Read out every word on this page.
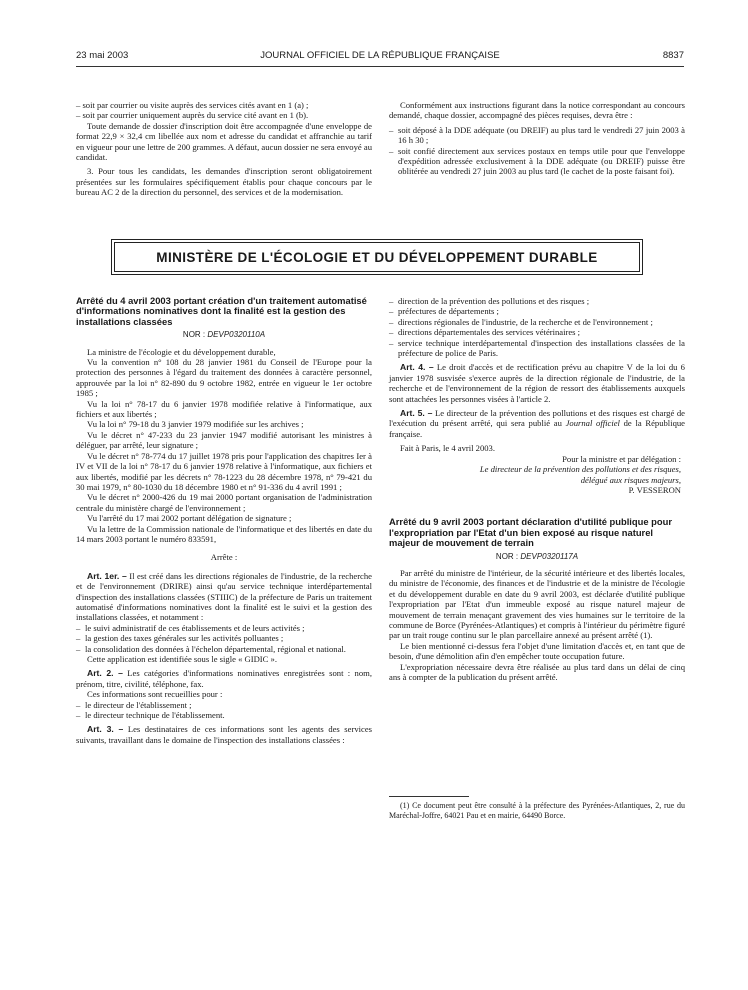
23 mai 2003	JOURNAL OFFICIEL DE LA RÉPUBLIQUE FRANÇAISE	8837

– soit par courrier ou visite auprès des services cités avant en 1 (a) ;

– soit par courrier uniquement auprès du service cité avant en 1 (b).

Toute demande de dossier d'inscription doit être accompagnée d'une enveloppe de format 22,9 × 32,4 cm libellée aux nom et adresse du candidat et affranchie au tarif en vigueur pour une lettre de 200 grammes. A défaut, aucun dossier ne sera envoyé au candidat.

3. Pour tous les candidats, les demandes d'inscription seront obligatoirement présentées sur les formulaires spécifiquement établis pour chaque concours par le bureau AC 2 de la direction du personnel, des services et de la modernisation.

Conformément aux instructions figurant dans la notice correspondant au concours demandé, chaque dossier, accompagné des pièces requises, devra être :

– soit déposé à la DDE adéquate (ou DREIF) au plus tard le vendredi 27 juin 2003 à 16 h 30 ;

– soit confié directement aux services postaux en temps utile pour que l'enveloppe d'expédition adressée exclusivement à la DDE adéquate (ou DREIF) puisse être oblitérée au vendredi 27 juin 2003 au plus tard (le cachet de la poste faisant foi).

MINISTÈRE DE L'ÉCOLOGIE ET DU DÉVELOPPEMENT DURABLE

Arrêté du 4 avril 2003 portant création d'un traitement automatisé d'informations nominatives dont la finalité est la gestion des installations classées

NOR : DEVP0320110A

La ministre de l'écologie et du développement durable,

Vu la convention n° 108 du 28 janvier 1981 du Conseil de l'Europe pour la protection des personnes à l'égard du traitement des données à caractère personnel, approuvée par la loi n° 82-890 du 9 octobre 1982, entrée en vigueur le 1er octobre 1985 ;

Vu la loi n° 78-17 du 6 janvier 1978 modifiée relative à l'informatique, aux fichiers et aux libertés ;

Vu la loi n° 79-18 du 3 janvier 1979 modifiée sur les archives ;

Vu le décret n° 47-233 du 23 janvier 1947 modifié autorisant les ministres à déléguer, par arrêté, leur signature ;

Vu le décret n° 78-774 du 17 juillet 1978 pris pour l'application des chapitres Ier à IV et VII de la loi n° 78-17 du 6 janvier 1978 relative à l'informatique, aux fichiers et aux libertés, modifié par les décrets n° 78-1223 du 28 décembre 1978, n° 79-421 du 30 mai 1979, n° 80-1030 du 18 décembre 1980 et n° 91-336 du 4 avril 1991 ;

Vu le décret n° 2000-426 du 19 mai 2000 portant organisation de l'administration centrale du ministère chargé de l'environnement ;

Vu l'arrêté du 17 mai 2002 portant délégation de signature ;

Vu la lettre de la Commission nationale de l'informatique et des libertés en date du 14 mars 2003 portant le numéro 833591,

Arrête :

Art. 1er. – Il est créé dans les directions régionales de l'industrie, de la recherche et de l'environnement (DRIRE) ainsi qu'au service technique interdépartemental d'inspection des installations classées (STIIIC) de la préfecture de Paris un traitement automatisé d'informations nominatives dont la finalité est le suivi et la gestion des installations classées, et notamment :

– le suivi administratif de ces établissements et de leurs activités ;

– la gestion des taxes générales sur les activités polluantes ;

– la consolidation des données à l'échelon départemental, régional et national.

Cette application est identifiée sous le sigle « GIDIC ».

Art. 2. – Les catégories d'informations nominatives enregistrées sont : nom, prénom, titre, civilité, téléphone, fax.

Ces informations sont recueillies pour :

– le directeur de l'établissement ;

– le directeur technique de l'établissement.

Art. 3. – Les destinataires de ces informations sont les agents des services suivants, travaillant dans le domaine de l'inspection des installations classées :

– direction de la prévention des pollutions et des risques ;

– préfectures de départements ;

– directions régionales de l'industrie, de la recherche et de l'environnement ;

– directions départementales des services vétérinaires ;

– service technique interdépartemental d'inspection des installations classées de la préfecture de police de Paris.

Art. 4. – Le droit d'accès et de rectification prévu au chapitre V de la loi du 6 janvier 1978 susvisée s'exerce auprès de la direction régionale de l'industrie, de la recherche et de l'environnement de la région de ressort des établissements auxquels sont attachées les personnes visées à l'article 2.

Art. 5. – Le directeur de la prévention des pollutions et des risques est chargé de l'exécution du présent arrêté, qui sera publié au Journal officiel de la République française.

Fait à Paris, le 4 avril 2003.

Pour la ministre et par délégation :

Le directeur de la prévention des pollutions et des risques, délégué aux risques majeurs,

P. VESSERON

Arrêté du 9 avril 2003 portant déclaration d'utilité publique pour l'expropriation par l'Etat d'un bien exposé au risque naturel majeur de mouvement de terrain

NOR : DEVP0320117A

Par arrêté du ministre de l'intérieur, de la sécurité intérieure et des libertés locales, du ministre de l'économie, des finances et de l'industrie et de la ministre de l'écologie et du développement durable en date du 9 avril 2003, est déclarée d'utilité publique l'expropriation par l'Etat d'un immeuble exposé au risque naturel majeur de mouvement de terrain menaçant gravement des vies humaines sur le territoire de la commune de Borce (Pyrénées-Atlantiques) et compris à l'intérieur du périmètre figuré par un trait rouge continu sur le plan parcellaire annexé au présent arrêté (1).

Le bien mentionné ci-dessus fera l'objet d'une limitation d'accès et, en tant que de besoin, d'une démolition afin d'en empêcher toute occupation future.

L'expropriation nécessaire devra être réalisée au plus tard dans un délai de cinq ans à compter de la publication du présent arrêté.

(1) Ce document peut être consulté à la préfecture des Pyrénées-Atlantiques, 2, rue du Maréchal-Joffre, 64021 Pau et en mairie, 64490 Borce.
